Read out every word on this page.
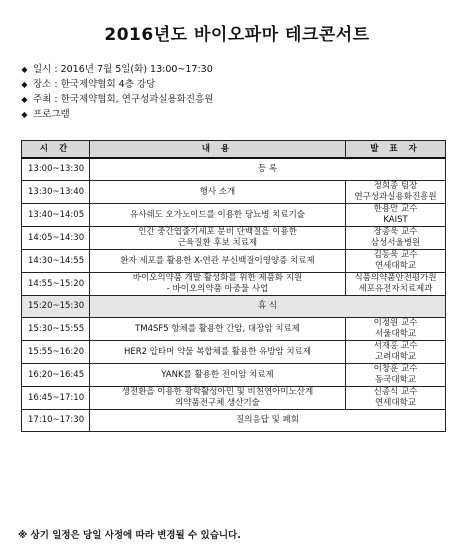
2016년도 바이오파마 테크콘서트
◆ 일시 : 2016년 7월 5일(화) 13:00~17:30
◆ 장소 : 한국제약협회 4층 강당
◆ 주최 : 한국제약협회, 연구성과실용화진흥원
◆ 프로그램
시 간	내 용	발 표 자
13:00~13:30	등 록	

13:30~13:40	행사 소개	정희종 팀장
연구성과실용화진흥원

13:40~14:05	유사쉐도 오가노이드를 이용한 당뇨병 치료기술	한용만 교수
KAIST

14:05~14:30	인간 중간엽줄기세포 분비 단백질을 이용한
근육질환 후보 치료제	장종욱 교수
삼성서울병원

14:30~14:55	환자 세포를 활용한 X-연관 부신백질이영양증 치료제	김동욱 교수
연세대학교

14:55~15:20	바이오의약품 개발 활성화를 위한 제품화 지원
- 바이오의약품 마중물 사업	식품의약품안전평가원
세포유전자치료제과

15:20~15:30	휴 식	

15:30~15:55	TM4SF5 항체를 활용한 간암, 대장암 치료제	이정원 교수
서울대학교

15:55~16:20	HER2 압타머 약물 복합체를 활용한 유방암 치료제	서재홍 교수
고려대학교

16:20~16:45	YANK를 활용한 전이암 치료제	이창훈 교수
동국대학교

16:45~17:10	생전환을 이용한 광학활성아민 및 비천연아미노산계
의약품전구체 생산기술	신종식 교수
연세대학교

17:10~17:30	질의응답 및 폐회	
※ 상기 일정은 당일 사정에 따라 변경될 수 있습니다.
